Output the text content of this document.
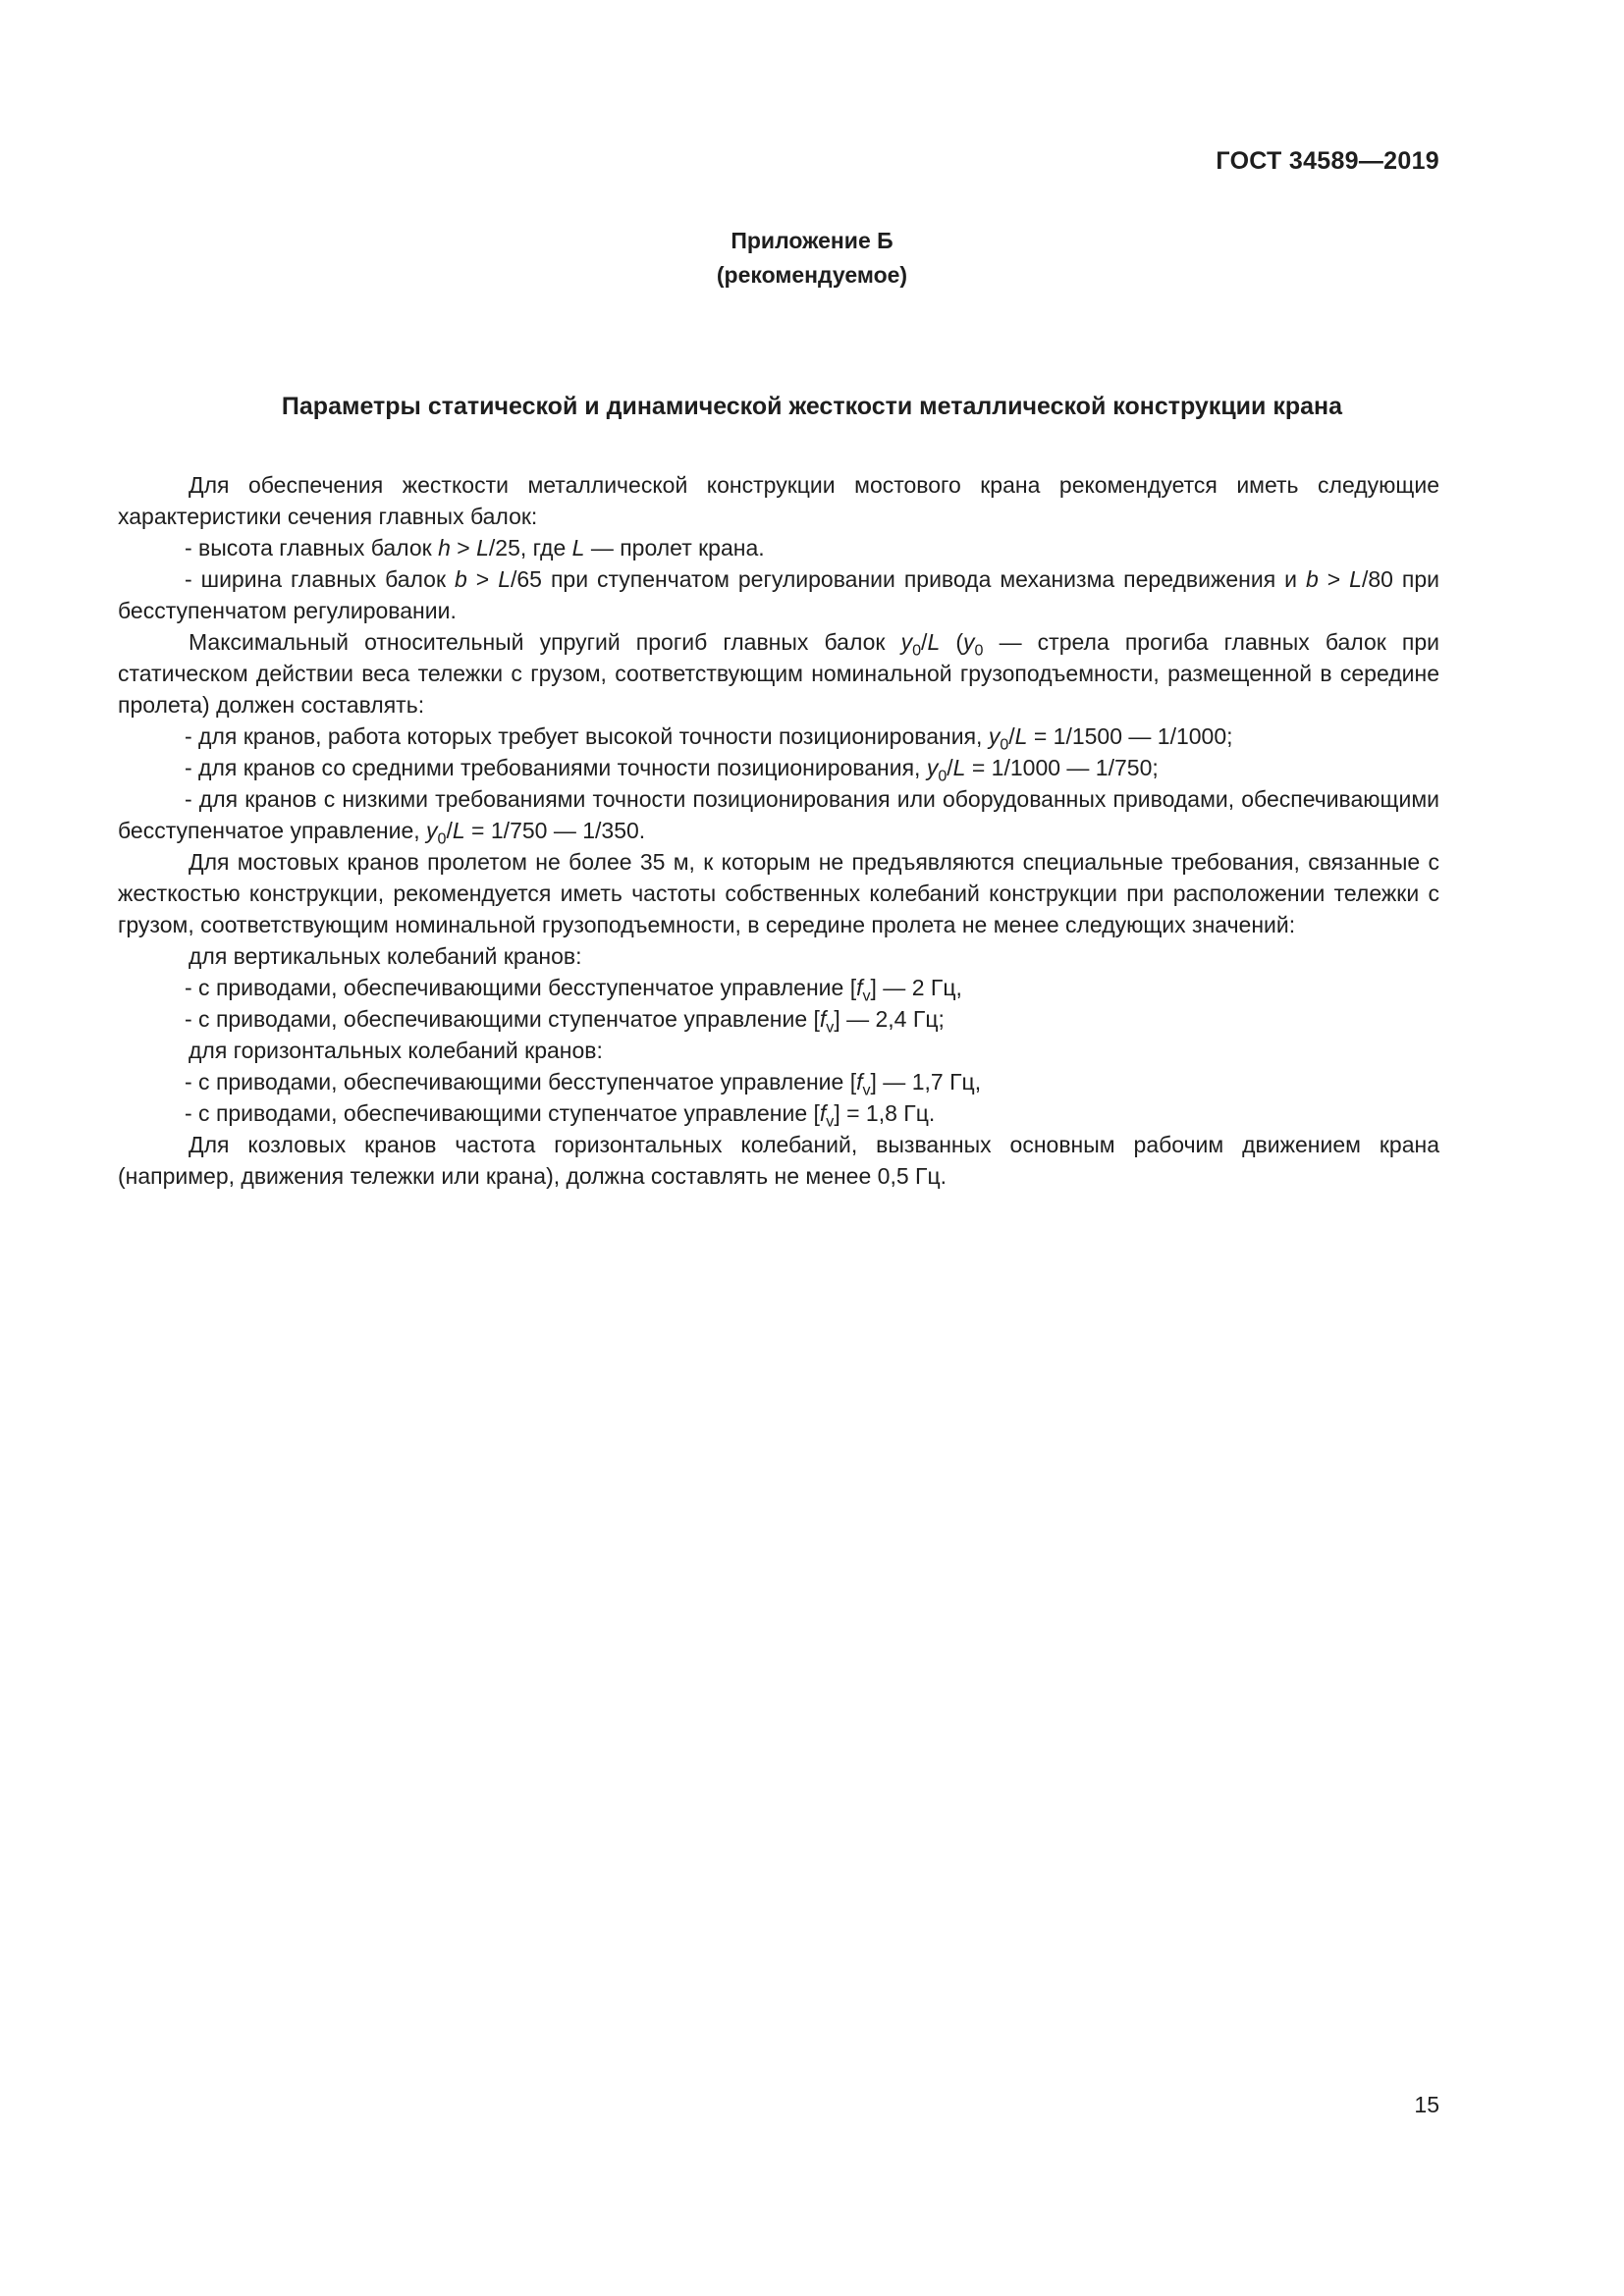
ГОСТ 34589—2019
Приложение Б
(рекомендуемое)
Параметры статической и динамической жесткости металлической конструкции крана

Для обеспечения жесткости металлической конструкции мостового крана рекомендуется иметь следующие характеристики сечения главных балок:

- высота главных балок h > L/25, где L — пролет крана.

- ширина главных балок b > L/65 при ступенчатом регулировании привода механизма передвижения и b > L/80 при бесступенчатом регулировании.

Максимальный относительный упругий прогиб главных балок $y_0/L$ ($y_0$ — стрела прогиба главных балок при статическом действии веса тележки с грузом, соответствующим номинальной грузоподъемности, размещенной в середине пролета) должен составлять:

- для кранов, работа которых требует высокой точности позиционирования, $y_0/L = 1/1500$ — 1/1000;

- для кранов со средними требованиями точности позиционирования, $y_0/L = 1/1000$ — 1/750;

- для кранов с низкими требованиями точности позиционирования или оборудованных приводами, обеспечивающими бесступенчатое управление, $y_0/L = 1/750$ — 1/350.

Для мостовых кранов пролетом не более 35 м, к которым не предъявляются специальные требования, связанные с жесткостью конструкции, рекомендуется иметь частоты собственных колебаний конструкции при расположении тележки с грузом, соответствующим номинальной грузоподъемности, в середине пролета не менее следующих значений:

для вертикальных колебаний кранов:

- с приводами, обеспечивающими бесступенчатое управление $[f_v]$ — 2 Гц,

- с приводами, обеспечивающими ступенчатое управление $[f_v]$ — 2,4 Гц;

для горизонтальных колебаний кранов:

- с приводами, обеспечивающими бесступенчатое управление $[f_v]$ — 1,7 Гц,

- с приводами, обеспечивающими ступенчатое управление $[f_v] = 1,8$ Гц.

Для козловых кранов частота горизонтальных колебаний, вызванных основным рабочим движением крана (например, движения тележки или крана), должна составлять не менее 0,5 Гц.

15
